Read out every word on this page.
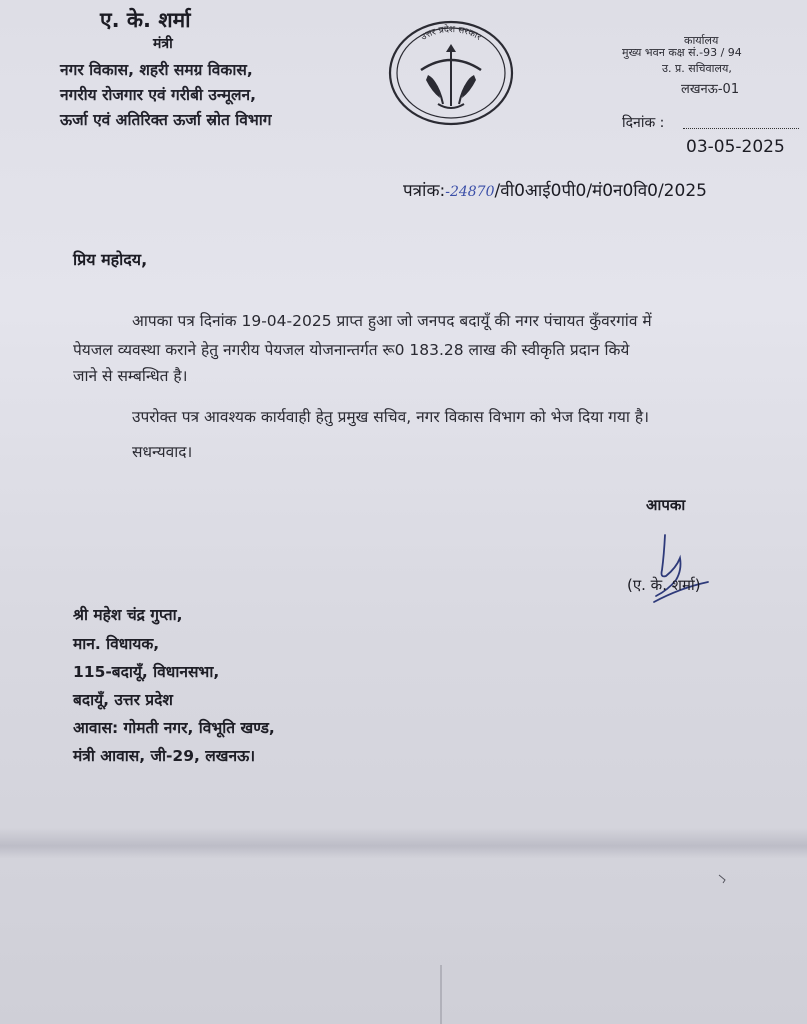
ए. के. शर्मा
मंत्री
नगर विकास, शहरी समग्र विकास,
नगरीय रोजगार एवं गरीबी उन्मूलन,
ऊर्जा एवं अतिरिक्त ऊर्जा स्रोत विभाग
उत्तर प्रदेश सरकार	कार्यालय
मुख्य भवन कक्ष सं.-93 / 94
उ. प्र. सचिवालय,
लखनऊ-01
दिनांक :
03-05-2025
पत्रांक:-24870/वी0आई0पी0/मं0न0वि0/2025
प्रिय महोदय,
आपका पत्र दिनांक 19-04-2025 प्राप्त हुआ जो जनपद बदायूँ की नगर पंचायत कुँवरगांव में
पेयजल व्यवस्था कराने हेतु नगरीय पेयजल योजनान्तर्गत रू0 183.28 लाख की स्वीकृति प्रदान किये
जाने से सम्बन्धित है।
उपरोक्त पत्र आवश्यक कार्यवाही हेतु प्रमुख सचिव, नगर विकास विभाग को भेज दिया गया है।
सधन्यवाद।
आपका
(ए. के. शर्मा)
श्री महेश चंद्र गुप्ता,
मान. विधायक,
115-बदायूँ, विधानसभा,
बदायूँ, उत्तर प्रदेश
आवास: गोमती नगर, विभूति खण्ड,
मंत्री आवास, जी-29, लखनऊ।
